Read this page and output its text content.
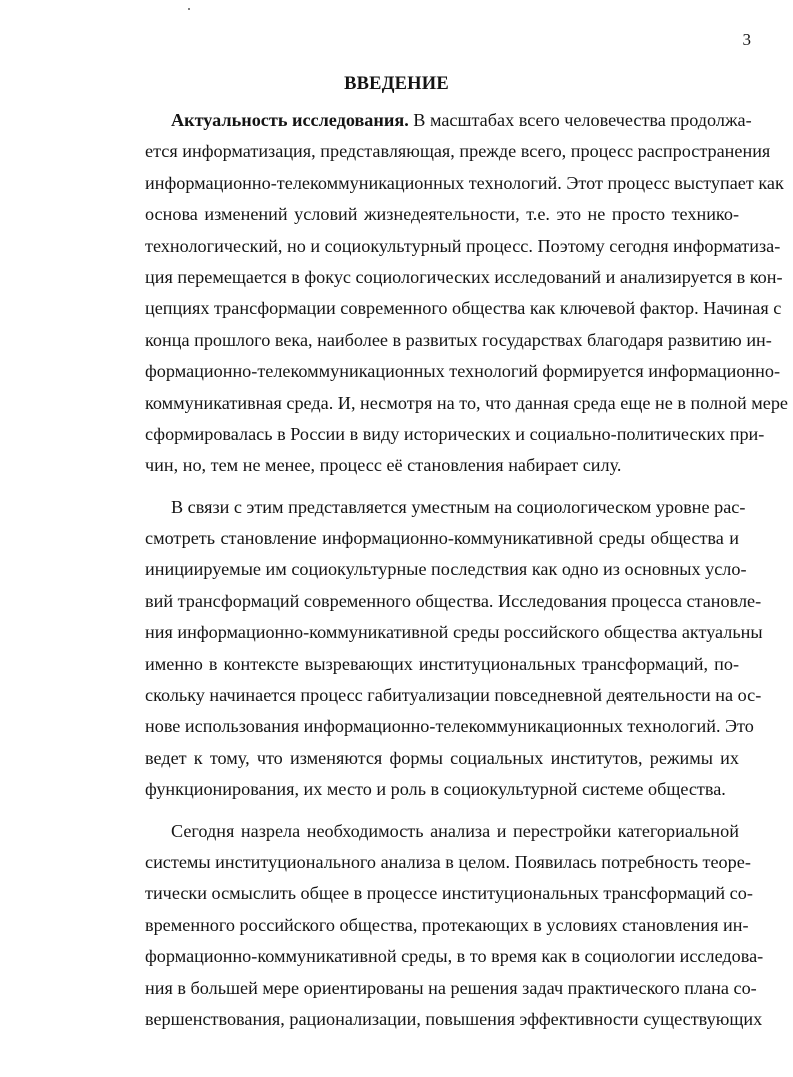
3
ВВЕДЕНИЕ
Актуальность исследования. В масштабах всего человечества продолжа-
ется информатизация, представляющая, прежде всего, процесс распространения
информационно-телекоммуникационных технологий. Этот процесс выступает как
основа изменений условий жизнедеятельности, т.е. это не просто технико-
технологический, но и социокультурный процесс. Поэтому сегодня информатиза-
ция перемещается в фокус социологических исследований и анализируется в кон-
цепциях трансформации современного общества как ключевой фактор. Начиная с
конца прошлого века, наиболее в развитых государствах благодаря развитию ин-
формационно-телекоммуникационных технологий формируется информационно-
коммуникативная среда. И, несмотря на то, что данная среда еще не в полной мере
сформировалась в России в виду исторических и социально-политических при-
чин, но, тем не менее, процесс её становления набирает силу.
В связи с этим представляется уместным на социологическом уровне рас-
смотреть становление информационно-коммуникативной среды общества и
инициируемые им социокультурные последствия как одно из основных усло-
вий трансформаций современного общества. Исследования процесса становле-
ния информационно-коммуникативной среды российского общества актуальны
именно в контексте вызревающих институциональных трансформаций, по-
скольку начинается процесс габитуализации повседневной деятельности на ос-
нове использования информационно-телекоммуникационных технологий. Это
ведет к тому, что изменяются формы социальных институтов, режимы их
функционирования, их место и роль в социокультурной системе общества.
Сегодня назрела необходимость анализа и перестройки категориальной
системы институционального анализа в целом. Появилась потребность теоре-
тически осмыслить общее в процессе институциональных трансформаций со-
временного российского общества, протекающих в условиях становления ин-
формационно-коммуникативной среды, в то время как в социологии исследова-
ния в большей мере ориентированы на решения задач практического плана со-
вершенствования, рационализации, повышения эффективности существующих
